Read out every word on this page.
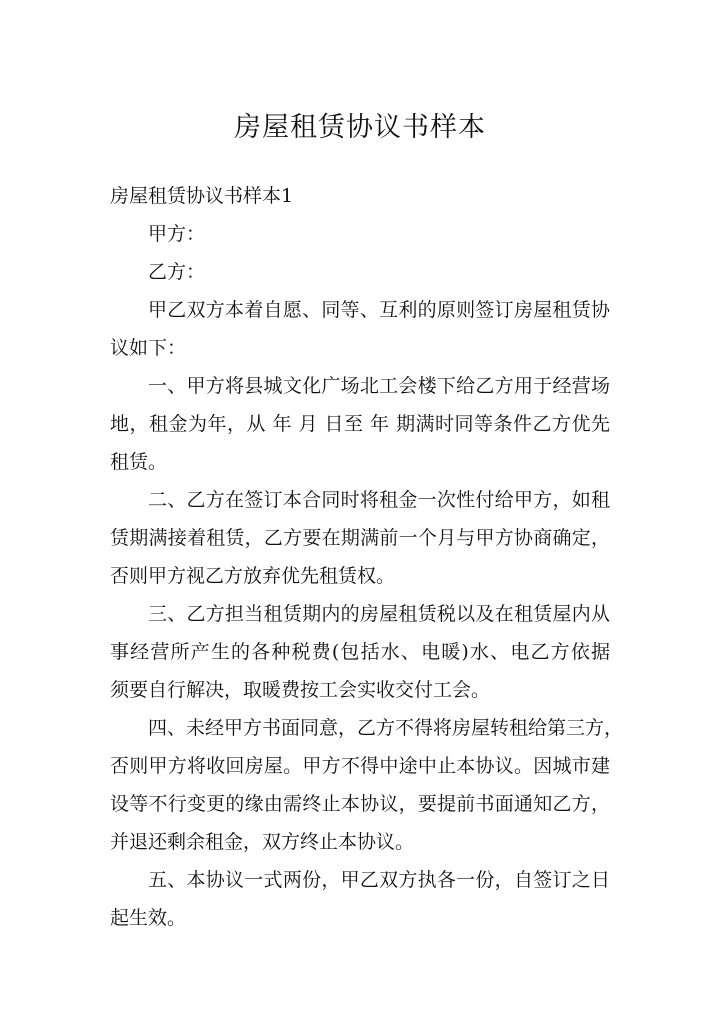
房屋租赁协议书样本
房屋租赁协议书样本1
甲方：
乙方：
甲乙双方本着自愿、同等、互利的原则签订房屋租赁协
议如下：
一、甲方将县城文化广场北工会楼下给乙方用于经营场
地，租金为年，从 年 月 日至 年 期满时同等条件乙方优先
租赁。
二、乙方在签订本合同时将租金一次性付给甲方，如租
赁期满接着租赁，乙方要在期满前一个月与甲方协商确定，
否则甲方视乙方放弃优先租赁权。
三、乙方担当租赁期内的房屋租赁税以及在租赁屋内从
事经营所产生的各种税费(包括水、电暖)水、电乙方依据
须要自行解决，取暖费按工会实收交付工会。
四、未经甲方书面同意，乙方不得将房屋转租给第三方，
否则甲方将收回房屋。甲方不得中途中止本协议。因城市建
设等不行变更的缘由需终止本协议，要提前书面通知乙方，
并退还剩余租金，双方终止本协议。
五、本协议一式两份，甲乙双方执各一份，自签订之日
起生效。
